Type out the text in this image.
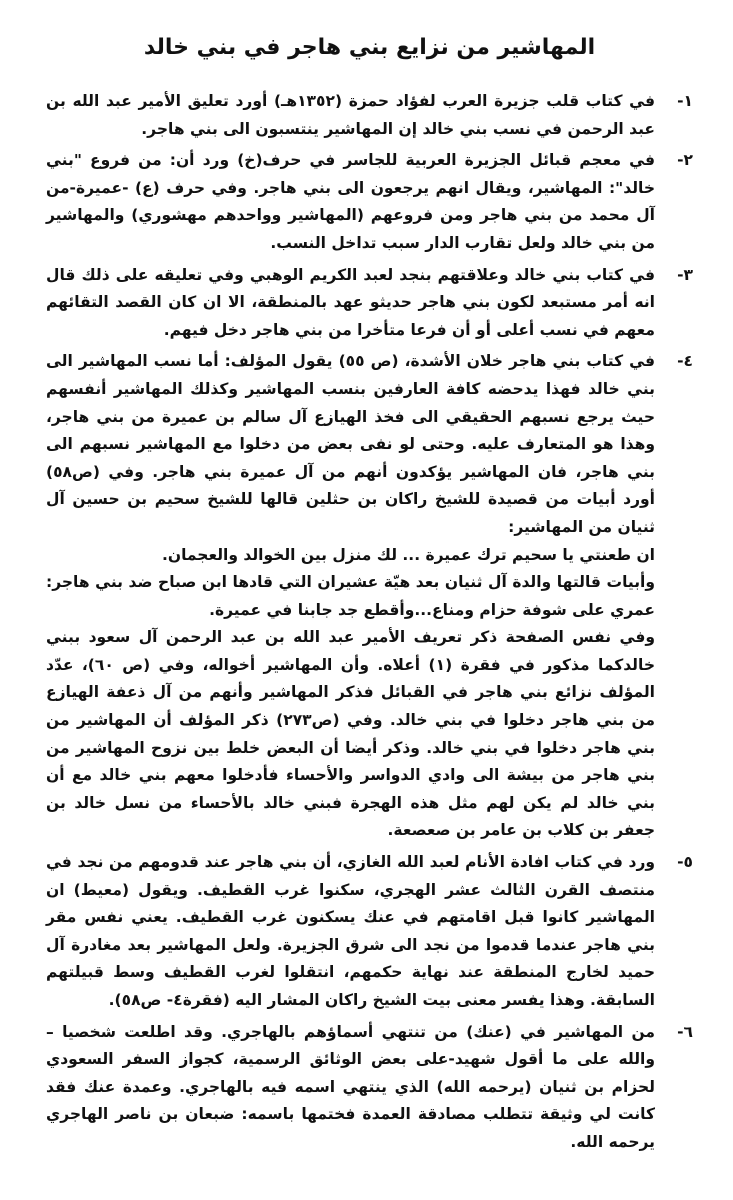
المهاشير من نزايع بني هاجر في بني خالد
١-

في كتاب قلب جزيرة العرب لفؤاد حمزة (١٣٥٢هـ) أورد تعليق الأمير عبد الله بن عبد الرحمن في نسب بني خالد إن المهاشير ينتسبون الى بني هاجر.

٢-

في معجم قبائل الجزيرة العربية للجاسر في حرف(خ) ورد أن: من فروع "بني خالد": المهاشير، ويقال انهم يرجعون الى بني هاجر. وفي حرف (ع) -عميرة-من آل محمد من بني هاجر ومن فروعهم (المهاشير وواحدهم مهشوري) والمهاشير من بني خالد ولعل تقارب الدار سبب تداخل النسب.

٣-

في كتاب بني خالد وعلاقتهم بنجد لعبد الكريم الوهبي وفي تعليقه على ذلك قال انه أمر مستبعد لكون بني هاجر حديثو عهد بالمنطقة، الا ان كان القصد التقائهم معهم في نسب أعلى أو أن فرعا متأخرا من بني هاجر دخل فيهم.

٤-

في كتاب بني هاجر خلان الأشدة، (ص ٥٥) يقول المؤلف: أما نسب المهاشير الى بني خالد فهذا يدحضه كافة العارفين بنسب المهاشير وكذلك المهاشير أنفسهم حيث يرجع نسبهم الحقيقي الى فخذ الهيازع آل سالم بن عميرة من بني هاجر، وهذا هو المتعارف عليه. وحتى لو نفى بعض من دخلوا مع المهاشير نسبهم الى بني هاجر، فان المهاشير يؤكدون أنهم من آل عميرة بني هاجر. وفي (ص٥٨) أورد أبيات من قصيدة للشيخ راكان بن حثلين قالها للشيخ سحيم بن حسين آل ثنيان من المهاشير:

ان طعنتي يا سحيم ترك عميرة ... لك منزل بين الخوالد والعجمان.

وأبيات قالتها والدة آل ثنيان بعد هيّة عشيران التي قادها ابن صباح ضد بني هاجر: عمري على شوفة حزام ومناع...وأقطع جد جابنا في عميرة.

وفي نفس الصفحة ذكر تعريف الأمير عبد الله بن عبد الرحمن آل سعود ببني خالدكما مذكور في فقرة (١) أعلاه. وأن المهاشير أخواله، وفي (ص ٦٠)، عدّد المؤلف نزائع بني هاجر في القبائل فذكر المهاشير وأنهم من آل ذعفة الهيازع من بني هاجر دخلوا في بني خالد. وفي (ص٢٧٣) ذكر المؤلف أن المهاشير من بني هاجر دخلوا في بني خالد. وذكر أيضا أن البعض خلط بين نزوح المهاشير من بني هاجر من بيشة الى وادي الدواسر والأحساء فأدخلوا معهم بني خالد مع أن بني خالد لم يكن لهم مثل هذه الهجرة فبني خالد بالأحساء من نسل خالد بن جعفر بن كلاب بن عامر بن صعصعة.

٥-

ورد في كتاب افادة الأنام لعبد الله الغازي، أن بني هاجر عند قدومهم من نجد في منتصف القرن الثالث عشر الهجري، سكنوا غرب القطيف. ويقول (معيط) ان المهاشير كانوا قبل اقامتهم في عنك يسكنون غرب القطيف. يعني نفس مقر بني هاجر عندما قدموا من نجد الى شرق الجزيرة. ولعل المهاشير بعد مغادرة آل حميد لخارج المنطقة عند نهاية حكمهم، انتقلوا لغرب القطيف وسط قبيلتهم السابقة. وهذا يفسر معنى بيت الشيخ راكان المشار اليه (فقرة٤- ص٥٨).

٦-

من المهاشير في (عنك) من تنتهي أسماؤهم بالهاجري. وقد اطلعت شخصيا – والله على ما أقول شهيد-على بعض الوثائق الرسمية، كجواز السفر السعودي لحزام بن ثنيان (يرحمه الله) الذي ينتهي اسمه فيه بالهاجري. وعمدة عنك فقد كانت لي وثيقة تتطلب مصادقة العمدة فختمها باسمه: ضبعان بن ناصر الهاجري يرحمه الله.
